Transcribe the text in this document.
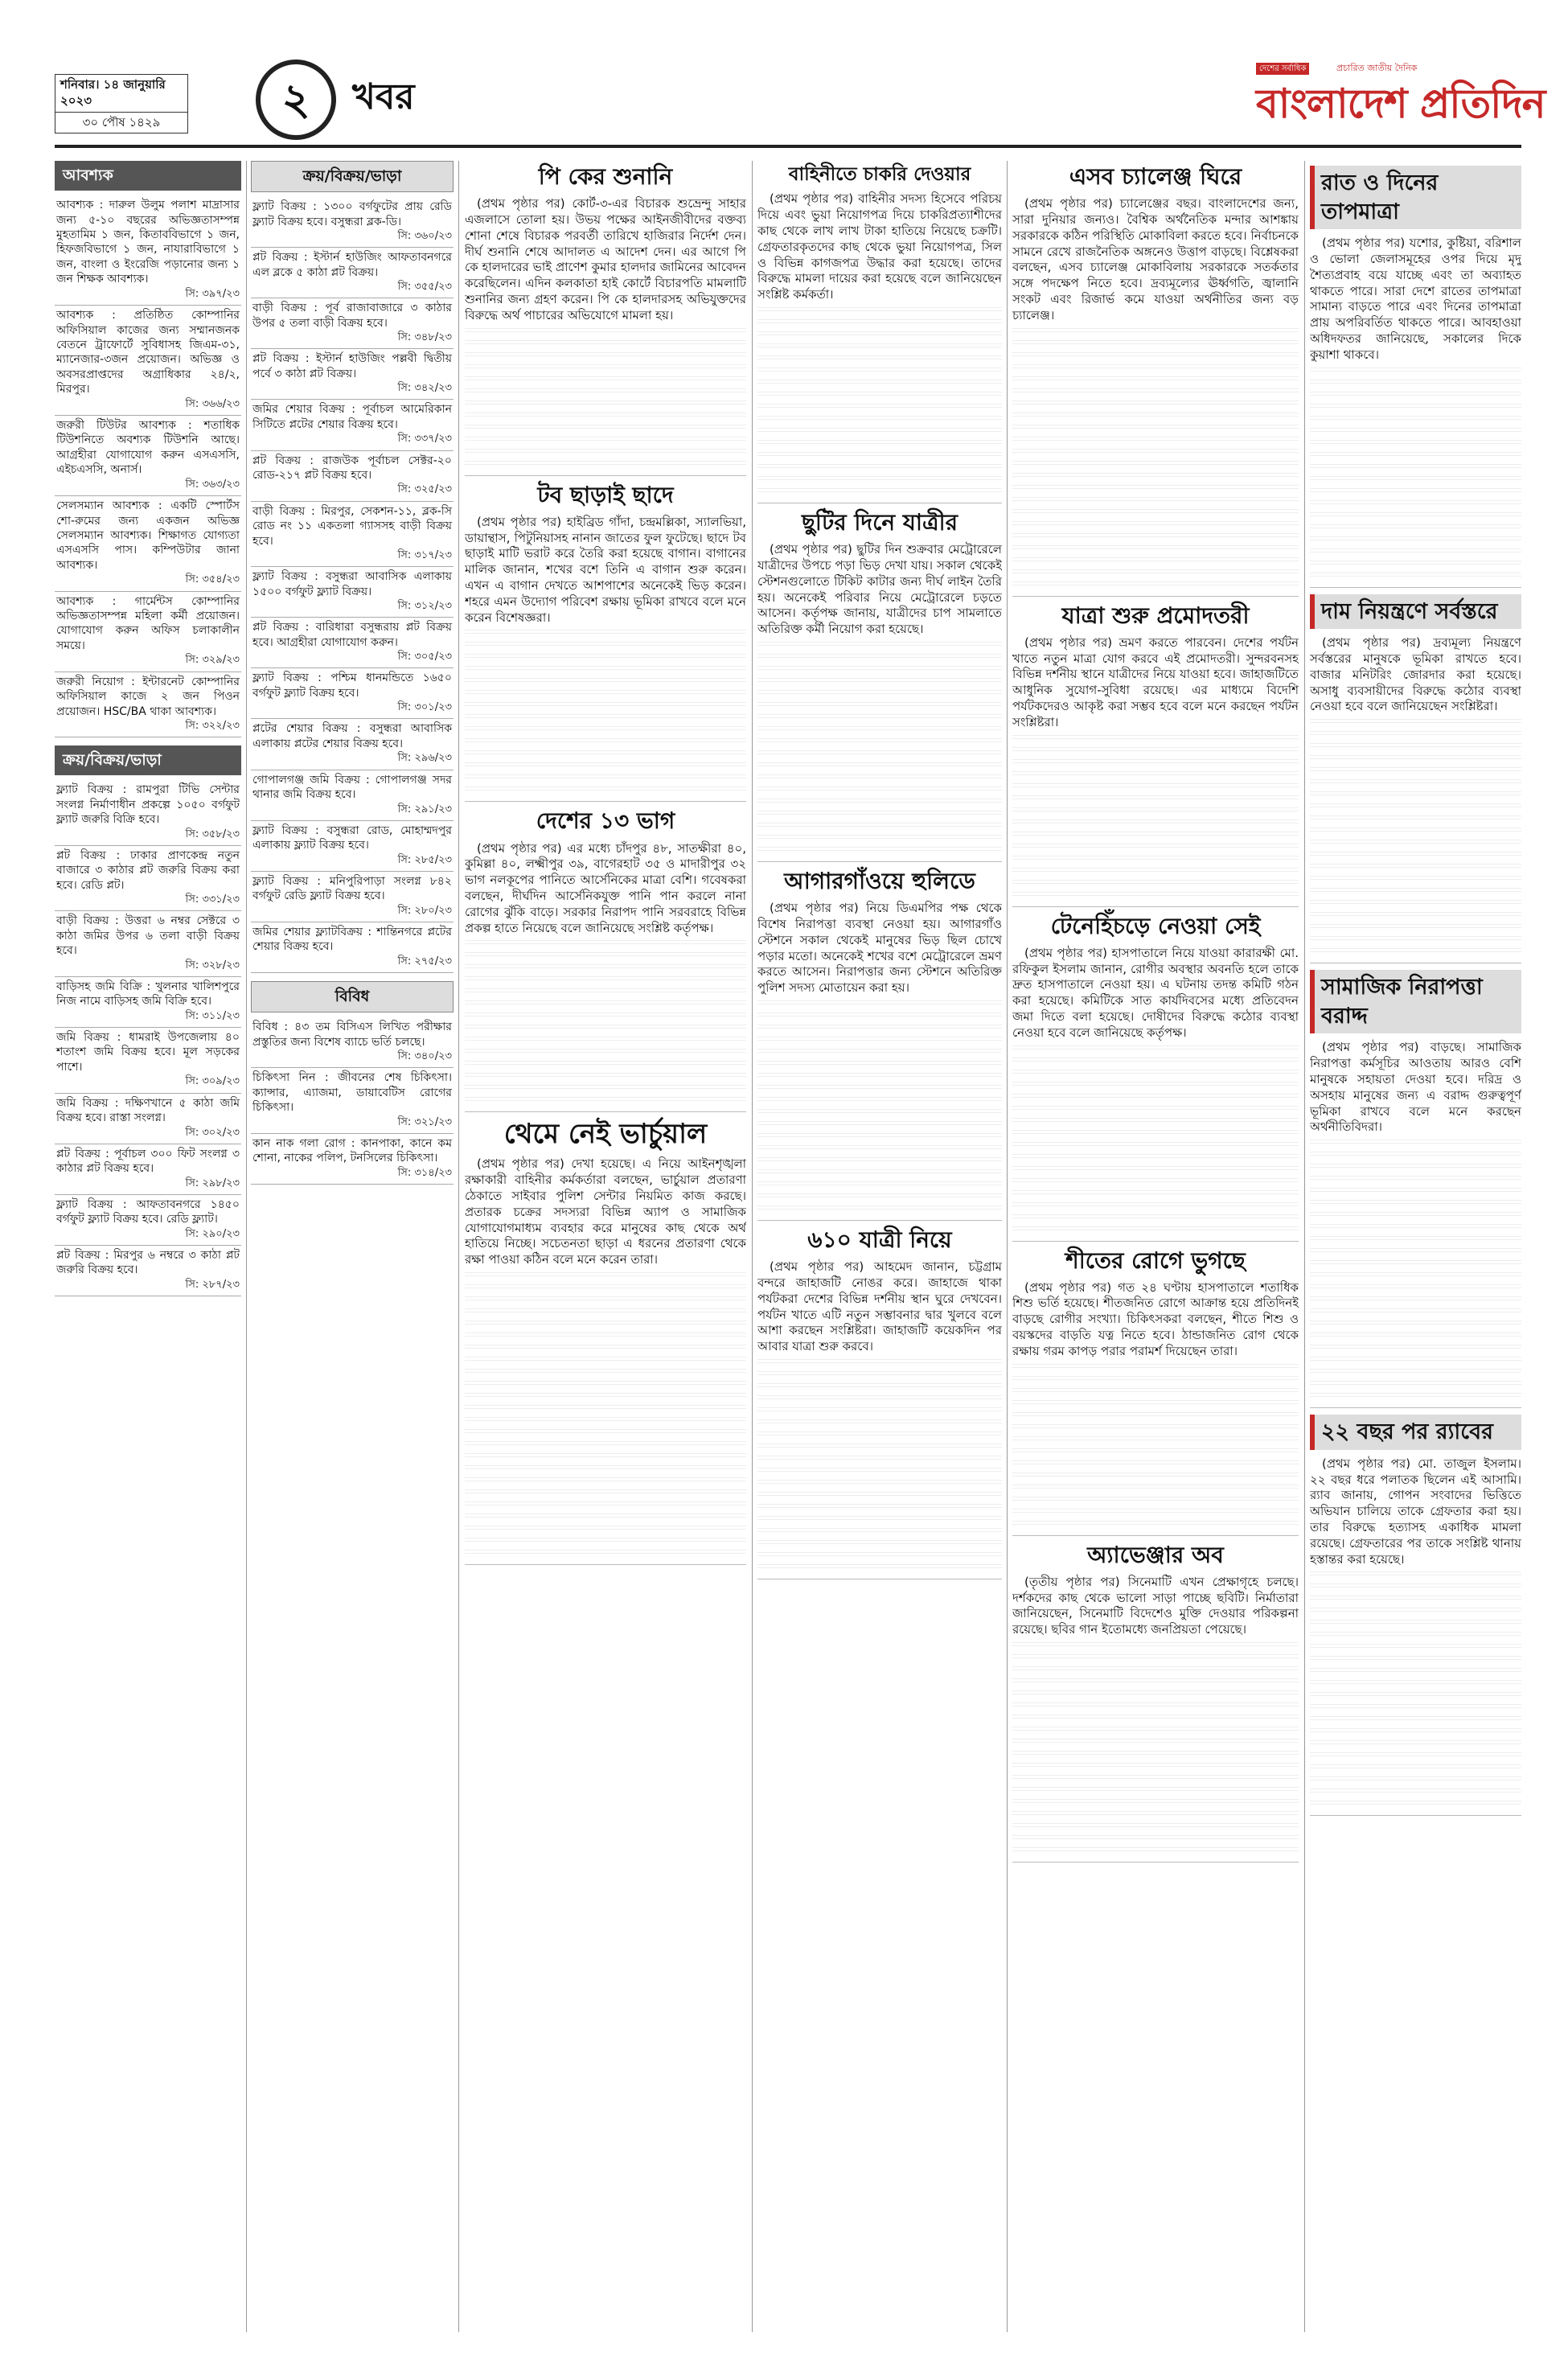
শনিবার। ১৪ জানুয়ারি ২০২৩
৩০ পৌষ ১৪২৯	২	খবর
দেশের সর্বাধিক	প্রচারিত জাতীয় দৈনিক
বাংলাদেশ প্রতিদিন
আবশ্যক
আবশ্যক : দারুল উলুম পলাশ মাদ্রাসার জন্য ৫-১০ বছরের অভিজ্ঞতাসম্পন্ন মুহতামিম ১ জন, কিতাববিভাগে ১ জন, হিফজবিভাগে ১ জন, নাযারাবিভাগে ১ জন, বাংলা ও ইংরেজি পড়ানোর জন্য ১ জন শিক্ষক আবশ্যক।
সি: ৩৯৭/২৩
আবশ্যক : প্রতিষ্ঠিত কোম্পানির অফিসিয়াল কাজের জন্য সম্মানজনক বেতনে ট্রাফোর্টে সুবিধাসহ জিএম-৩১, ম্যানেজার-৩জন প্রয়োজন। অভিজ্ঞ ও অবসরপ্রাপ্তদের অগ্রাধিকার ২৪/২, মিরপুর।
সি: ৩৬৬/২৩
জরুরী টিউটর আবশ্যক : শতাধিক টিউশনিতে অবশ্যক টিউশনি আছে। আগ্রহীরা যোগাযোগ করুন এসএসসি, এইচএসসি, অনার্স।
সি: ৩৬৩/২৩
সেলসম্যান আবশ্যক : একটি স্পোর্টস শো-রুমের জন্য একজন অভিজ্ঞ সেলসম্যান আবশ্যক। শিক্ষাগত যোগ্যতা এসএসসি পাস। কম্পিউটার জানা আবশ্যক।
সি: ৩৫৪/২৩
আবশ্যক : গার্মেন্টস কোম্পানির অভিজ্ঞতাসম্পন্ন মহিলা কর্মী প্রয়োজন। যোগাযোগ করুন অফিস চলাকালীন সময়ে।
সি: ৩২৯/২৩
জরুরী নিয়োগ : ইন্টারনেট কোম্পানির অফিসিয়াল কাজে ২ জন পিওন প্রয়োজন। HSC/BA থাকা আবশ্যক।
সি: ৩২২/২৩
ক্রয়/বিক্রয়/ভাড়া
ফ্ল্যাট বিক্রয় : রামপুরা টিভি সেন্টার সংলগ্ন নির্মাণাধীন প্রকল্পে ১০৫০ বর্গফুট ফ্ল্যাট জরুরি বিক্রি হবে।
সি: ৩৫৮/২৩
প্লট বিক্রয় : ঢাকার প্রাণকেন্দ্র নতুন বাজারে ৩ কাঠার প্লট জরুরি বিক্রয় করা হবে। রেডি প্লট।
সি: ৩৩১/২৩
বাড়ী বিক্রয় : উত্তরা ৬ নম্বর সেক্টরে ৩ কাঠা জমির উপর ৬ তলা বাড়ী বিক্রয় হবে।
সি: ৩২৮/২৩
বাড়িসহ জমি বিক্রি : খুলনার খালিশপুরে নিজ নামে বাড়িসহ জমি বিক্রি হবে।
সি: ৩১১/২৩
জমি বিক্রয় : ধামরাই উপজেলায় ৪০ শতাংশ জমি বিক্রয় হবে। মূল সড়কের পাশে।
সি: ৩০৯/২৩
জমি বিক্রয় : দক্ষিণখানে ৫ কাঠা জমি বিক্রয় হবে। রাস্তা সংলগ্ন।
সি: ৩০২/২৩
প্লট বিক্রয় : পূর্বাচল ৩০০ ফিট সংলগ্ন ৩ কাঠার প্লট বিক্রয় হবে।
সি: ২৯৮/২৩
ফ্ল্যাট বিক্রয় : আফতাবনগরে ১৪৫০ বর্গফুট ফ্ল্যাট বিক্রয় হবে। রেডি ফ্ল্যাট।
সি: ২৯০/২৩
প্লট বিক্রয় : মিরপুর ৬ নম্বরে ৩ কাঠা প্লট জরুরি বিক্রয় হবে।
সি: ২৮৭/২৩
ক্রয়/বিক্রয়/ভাড়া
ফ্ল্যাট বিক্রয় : ১৩০০ বর্গফুটের প্রায় রেডি ফ্ল্যাট বিক্রয় হবে। বসুন্ধরা ব্লক-ডি।
সি: ৩৬০/২৩
প্লট বিক্রয় : ইস্টার্ন হাউজিং আফতাবনগরে এল ব্লকে ৫ কাঠা প্লট বিক্রয়।
সি: ৩৫৫/২৩
বাড়ী বিক্রয় : পূর্ব রাজাবাজারে ৩ কাঠার উপর ৫ তলা বাড়ী বিক্রয় হবে।
সি: ৩৪৮/২৩
প্লট বিক্রয় : ইস্টার্ন হাউজিং পল্লবী দ্বিতীয় পর্বে ৩ কাঠা প্লট বিক্রয়।
সি: ৩৪২/২৩
জমির শেয়ার বিক্রয় : পূর্বাচল আমেরিকান সিটিতে প্লটের শেয়ার বিক্রয় হবে।
সি: ৩৩৭/২৩
প্লট বিক্রয় : রাজউক পূর্বাচল সেক্টর-২০ রোড-২১৭ প্লট বিক্রয় হবে।
সি: ৩২৫/২৩
বাড়ী বিক্রয় : মিরপুর, সেকশন-১১, ব্লক-সি রোড নং ১১ একতলা গ্যাসসহ বাড়ী বিক্রয় হবে।
সি: ৩১৭/২৩
ফ্ল্যাট বিক্রয় : বসুন্ধরা আবাসিক এলাকায় ১৫০০ বর্গফুট ফ্ল্যাট বিক্রয়।
সি: ৩১২/২৩
প্লট বিক্রয় : বারিধারা বসুন্ধরায় প্লট বিক্রয় হবে। আগ্রহীরা যোগাযোগ করুন।
সি: ৩০৫/২৩
ফ্ল্যাট বিক্রয় : পশ্চিম ধানমন্ডিতে ১৬৫০ বর্গফুট ফ্ল্যাট বিক্রয় হবে।
সি: ৩০১/২৩
প্লটের শেয়ার বিক্রয় : বসুন্ধরা আবাসিক এলাকায় প্লটের শেয়ার বিক্রয় হবে।
সি: ২৯৬/২৩
গোপালগঞ্জ জমি বিক্রয় : গোপালগঞ্জ সদর থানার জমি বিক্রয় হবে।
সি: ২৯১/২৩
ফ্ল্যাট বিক্রয় : বসুন্ধরা রোড, মোহাম্মদপুর এলাকায় ফ্ল্যাট বিক্রয় হবে।
সি: ২৮৫/২৩
ফ্ল্যাট বিক্রয় : মনিপুরিপাড়া সংলগ্ন ৮৪২ বর্গফুট রেডি ফ্ল্যাট বিক্রয় হবে।
সি: ২৮০/২৩
জমির শেয়ার ফ্ল্যাটবিক্রয় : শান্তিনগরে প্লটের শেয়ার বিক্রয় হবে।
সি: ২৭৫/২৩
বিবিধ
বিবিধ : ৪৩ তম বিসিএস লিখিত পরীক্ষার প্রস্তুতির জন্য বিশেষ ব্যাচে ভর্তি চলছে।
সি: ৩৪০/২৩
চিকিৎসা নিন : জীবনের শেষ চিকিৎসা। ক্যান্সার, এ্যাজমা, ডায়াবেটিস রোগের চিকিৎসা।
সি: ৩২১/২৩
কান নাক গলা রোগ : কানপাকা, কানে কম শোনা, নাকের পলিপ, টনসিলের চিকিৎসা।
সি: ৩১৪/২৩
পি কের শুনানি

(প্রথম পৃষ্ঠার পর) কোর্ট-৩-এর বিচারক শুভ্রেন্দু সাহার এজলাসে তোলা হয়। উভয় পক্ষের আইনজীবীদের বক্তব্য শোনা শেষে বিচারক পরবর্তী তারিখে হাজিরার নির্দেশ দেন। দীর্ঘ শুনানি শেষে আদালত এ আদেশ দেন। এর আগে পি কে হালদারের ভাই প্রাণেশ কুমার হালদার জামিনের আবেদন করেছিলেন। এদিন কলকাতা হাই কোর্টে বিচারপতি মামলাটি শুনানির জন্য গ্রহণ করেন। পি কে হালদারসহ অভিযুক্তদের বিরুদ্ধে অর্থ পাচারের অভিযোগে মামলা হয়।

টব ছাড়াই ছাদে

(প্রথম পৃষ্ঠার পর) হাইব্রিড গাঁদা, চন্দ্রমল্লিকা, স্যালভিয়া, ডায়ান্থাস, পিটুনিয়াসহ নানান জাতের ফুল ফুটেছে। ছাদে টব ছাড়াই মাটি ভরাট করে তৈরি করা হয়েছে বাগান। বাগানের মালিক জানান, শখের বশে তিনি এ বাগান শুরু করেন। এখন এ বাগান দেখতে আশপাশের অনেকেই ভিড় করেন। শহরে এমন উদ্যোগ পরিবেশ রক্ষায় ভূমিকা রাখবে বলে মনে করেন বিশেষজ্ঞরা।

দেশের ১৩ ভাগ

(প্রথম পৃষ্ঠার পর) এর মধ্যে চাঁদপুর ৪৮, সাতক্ষীরা ৪০, কুমিল্লা ৪০, লক্ষ্মীপুর ৩৯, বাগেরহাট ৩৫ ও মাদারীপুর ৩২ ভাগ নলকূপের পানিতে আর্সেনিকের মাত্রা বেশি। গবেষকরা বলছেন, দীর্ঘদিন আর্সেনিকযুক্ত পানি পান করলে নানা রোগের ঝুঁকি বাড়ে। সরকার নিরাপদ পানি সরবরাহে বিভিন্ন প্রকল্প হাতে নিয়েছে বলে জানিয়েছে সংশ্লিষ্ট কর্তৃপক্ষ।

থেমে নেই ভার্চুয়াল

(প্রথম পৃষ্ঠার পর) দেখা হয়েছে। এ নিয়ে আইনশৃঙ্খলা রক্ষাকারী বাহিনীর কর্মকর্তারা বলছেন, ভার্চুয়াল প্রতারণা ঠেকাতে সাইবার পুলিশ সেন্টার নিয়মিত কাজ করছে। প্রতারক চক্রের সদস্যরা বিভিন্ন অ্যাপ ও সামাজিক যোগাযোগমাধ্যম ব্যবহার করে মানুষের কাছ থেকে অর্থ হাতিয়ে নিচ্ছে। সচেতনতা ছাড়া এ ধরনের প্রতারণা থেকে রক্ষা পাওয়া কঠিন বলে মনে করেন তারা।

বাহিনীতে চাকরি দেওয়ার

(প্রথম পৃষ্ঠার পর) বাহিনীর সদস্য হিসেবে পরিচয় দিয়ে এবং ভুয়া নিয়োগপত্র দিয়ে চাকরিপ্রত্যাশীদের কাছ থেকে লাখ লাখ টাকা হাতিয়ে নিয়েছে চক্রটি। গ্রেফতারকৃতদের কাছ থেকে ভুয়া নিয়োগপত্র, সিল ও বিভিন্ন কাগজপত্র উদ্ধার করা হয়েছে। তাদের বিরুদ্ধে মামলা দায়ের করা হয়েছে বলে জানিয়েছেন সংশ্লিষ্ট কর্মকর্তা।

ছুটির দিনে যাত্রীর

(প্রথম পৃষ্ঠার পর) ছুটির দিন শুক্রবার মেট্রোরেলে যাত্রীদের উপচে পড়া ভিড় দেখা যায়। সকাল থেকেই স্টেশনগুলোতে টিকিট কাটার জন্য দীর্ঘ লাইন তৈরি হয়। অনেকেই পরিবার নিয়ে মেট্রোরেলে চড়তে আসেন। কর্তৃপক্ষ জানায়, যাত্রীদের চাপ সামলাতে অতিরিক্ত কর্মী নিয়োগ করা হয়েছে।

আগারগাঁওয়ে হুলিডে

(প্রথম পৃষ্ঠার পর) নিয়ে ডিএমপির পক্ষ থেকে বিশেষ নিরাপত্তা ব্যবস্থা নেওয়া হয়। আগারগাঁও স্টেশনে সকাল থেকেই মানুষের ভিড় ছিল চোখে পড়ার মতো। অনেকেই শখের বশে মেট্রোরেলে ভ্রমণ করতে আসেন। নিরাপত্তার জন্য স্টেশনে অতিরিক্ত পুলিশ সদস্য মোতায়েন করা হয়।

৬১০ যাত্রী নিয়ে

(প্রথম পৃষ্ঠার পর) আহমেদ জানান, চট্টগ্রাম বন্দরে জাহাজটি নোঙর করে। জাহাজে থাকা পর্যটকরা দেশের বিভিন্ন দর্শনীয় স্থান ঘুরে দেখবেন। পর্যটন খাতে এটি নতুন সম্ভাবনার দ্বার খুলবে বলে আশা করছেন সংশ্লিষ্টরা। জাহাজটি কয়েকদিন পর আবার যাত্রা শুরু করবে।

এসব চ্যালেঞ্জ ঘিরে

(প্রথম পৃষ্ঠার পর) চ্যালেঞ্জের বছর। বাংলাদেশের জন্য, সারা দুনিয়ার জন্যও। বৈশ্বিক অর্থনৈতিক মন্দার আশঙ্কায় সরকারকে কঠিন পরিস্থিতি মোকাবিলা করতে হবে। নির্বাচনকে সামনে রেখে রাজনৈতিক অঙ্গনেও উত্তাপ বাড়ছে। বিশ্লেষকরা বলছেন, এসব চ্যালেঞ্জ মোকাবিলায় সরকারকে সতর্কতার সঙ্গে পদক্ষেপ নিতে হবে। দ্রব্যমূল্যের ঊর্ধ্বগতি, জ্বালানি সংকট এবং রিজার্ভ কমে যাওয়া অর্থনীতির জন্য বড় চ্যালেঞ্জ।

যাত্রা শুরু প্রমোদতরী

(প্রথম পৃষ্ঠার পর) ভ্রমণ করতে পারবেন। দেশের পর্যটন খাতে নতুন মাত্রা যোগ করবে এই প্রমোদতরী। সুন্দরবনসহ বিভিন্ন দর্শনীয় স্থানে যাত্রীদের নিয়ে যাওয়া হবে। জাহাজটিতে আধুনিক সুযোগ-সুবিধা রয়েছে। এর মাধ্যমে বিদেশি পর্যটকদেরও আকৃষ্ট করা সম্ভব হবে বলে মনে করছেন পর্যটন সংশ্লিষ্টরা।

টেনেহিঁচড়ে নেওয়া সেই

(প্রথম পৃষ্ঠার পর) হাসপাতালে নিয়ে যাওয়া কারারক্ষী মো. রফিকুল ইসলাম জানান, রোগীর অবস্থার অবনতি হলে তাকে দ্রুত হাসপাতালে নেওয়া হয়। এ ঘটনায় তদন্ত কমিটি গঠন করা হয়েছে। কমিটিকে সাত কার্যদিবসের মধ্যে প্রতিবেদন জমা দিতে বলা হয়েছে। দোষীদের বিরুদ্ধে কঠোর ব্যবস্থা নেওয়া হবে বলে জানিয়েছে কর্তৃপক্ষ।

শীতের রোগে ভুগছে

(প্রথম পৃষ্ঠার পর) গত ২৪ ঘণ্টায় হাসপাতালে শতাধিক শিশু ভর্তি হয়েছে। শীতজনিত রোগে আক্রান্ত হয়ে প্রতিদিনই বাড়ছে রোগীর সংখ্যা। চিকিৎসকরা বলছেন, শীতে শিশু ও বয়স্কদের বাড়তি যত্ন নিতে হবে। ঠান্ডাজনিত রোগ থেকে রক্ষায় গরম কাপড় পরার পরামর্শ দিয়েছেন তারা।

অ্যাভেঞ্জার অব

(তৃতীয় পৃষ্ঠার পর) সিনেমাটি এখন প্রেক্ষাগৃহে চলছে। দর্শকদের কাছ থেকে ভালো সাড়া পাচ্ছে ছবিটি। নির্মাতারা জানিয়েছেন, সিনেমাটি বিদেশেও মুক্তি দেওয়ার পরিকল্পনা রয়েছে। ছবির গান ইতোমধ্যে জনপ্রিয়তা পেয়েছে।

রাত ও দিনের তাপমাত্রা

(প্রথম পৃষ্ঠার পর) যশোর, কুষ্টিয়া, বরিশাল ও ভোলা জেলাসমূহের ওপর দিয়ে মৃদু শৈত্যপ্রবাহ বয়ে যাচ্ছে এবং তা অব্যাহত থাকতে পারে। সারা দেশে রাতের তাপমাত্রা সামান্য বাড়তে পারে এবং দিনের তাপমাত্রা প্রায় অপরিবর্তিত থাকতে পারে। আবহাওয়া অধিদফতর জানিয়েছে, সকালের দিকে কুয়াশা থাকবে।

দাম নিয়ন্ত্রণে সর্বস্তরে

(প্রথম পৃষ্ঠার পর) দ্রব্যমূল্য নিয়ন্ত্রণে সর্বস্তরের মানুষকে ভূমিকা রাখতে হবে। বাজার মনিটরিং জোরদার করা হয়েছে। অসাধু ব্যবসায়ীদের বিরুদ্ধে কঠোর ব্যবস্থা নেওয়া হবে বলে জানিয়েছেন সংশ্লিষ্টরা।

সামাজিক নিরাপত্তা বরাদ্দ

(প্রথম পৃষ্ঠার পর) বাড়ছে। সামাজিক নিরাপত্তা কর্মসূচির আওতায় আরও বেশি মানুষকে সহায়তা দেওয়া হবে। দরিদ্র ও অসহায় মানুষের জন্য এ বরাদ্দ গুরুত্বপূর্ণ ভূমিকা রাখবে বলে মনে করছেন অর্থনীতিবিদরা।

২২ বছর পর র‍্যাবের

(প্রথম পৃষ্ঠার পর) মো. তাজুল ইসলাম। ২২ বছর ধরে পলাতক ছিলেন এই আসামি। র‍্যাব জানায়, গোপন সংবাদের ভিত্তিতে অভিযান চালিয়ে তাকে গ্রেফতার করা হয়। তার বিরুদ্ধে হত্যাসহ একাধিক মামলা রয়েছে। গ্রেফতারের পর তাকে সংশ্লিষ্ট থানায় হস্তান্তর করা হয়েছে।
